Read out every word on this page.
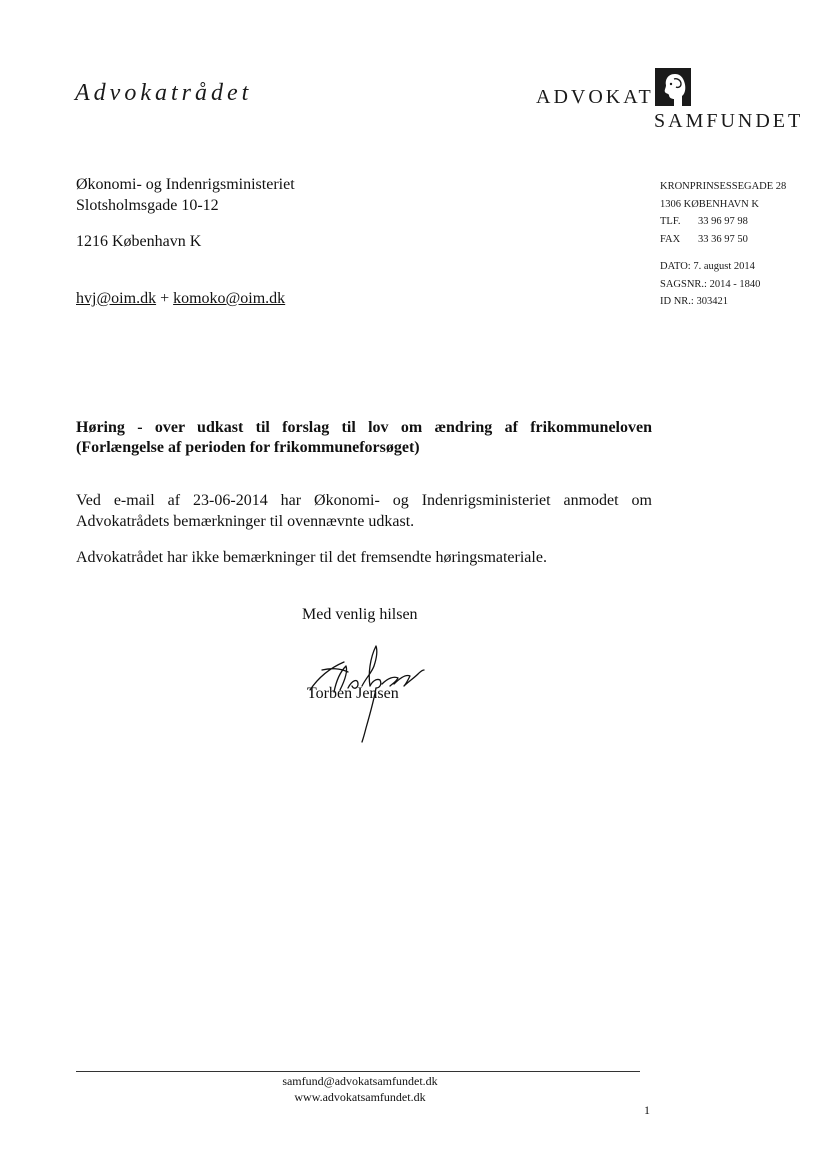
Advokatrådet	ADVOKAT
SAMFUNDET
Økonomi- og Indenrigsministeriet
Slotsholmsgade 10-12
1216 København K
hvj@oim.dk + komoko@oim.dk
KRONPRINSESSEGADE 28
1306 KØBENHAVN K
TLF. 33 96 97 98
FAX 33 36 97 50
DATO: 7. august 2014
SAGSNR.: 2014 - 1840
ID NR.: 303421
Høring - over udkast til forslag til lov om ændring af frikommuneloven
(Forlængelse af perioden for frikommuneforsøget)
Ved e-mail af 23-06-2014 har Økonomi- og Indenrigsministeriet anmodet om
Advokatrådets bemærkninger til ovennævnte udkast.
Advokatrådet har ikke bemærkninger til det fremsendte høringsmateriale.
Med venlig hilsen
Torben Jensen
samfund@advokatsamfundet.dk
www.advokatsamfundet.dk
1
